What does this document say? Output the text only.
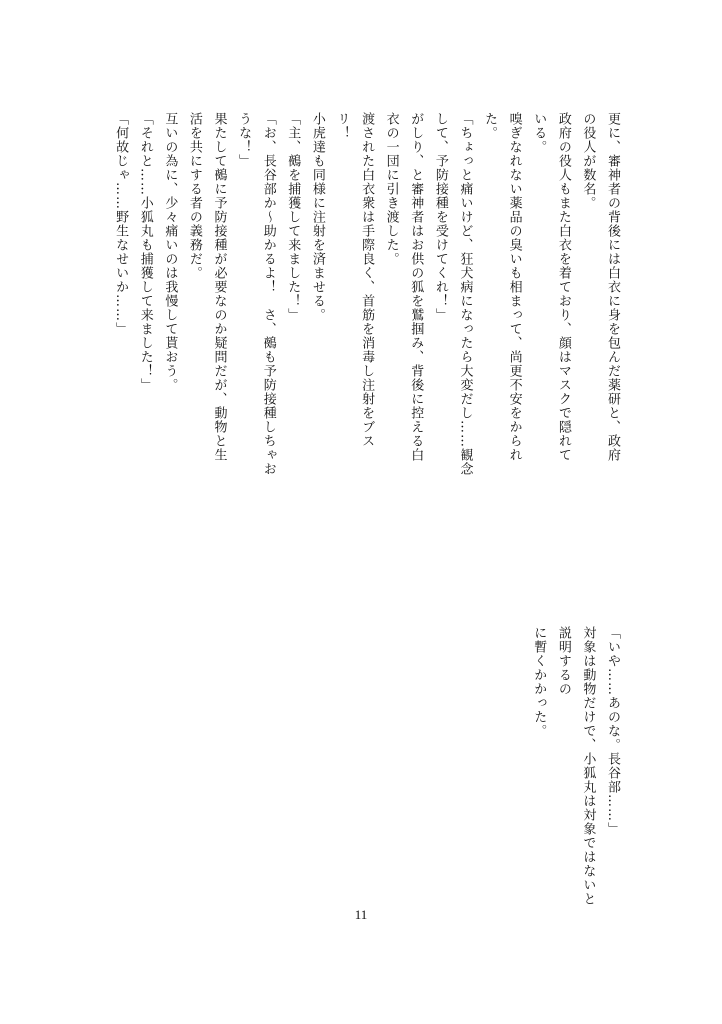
更に、審神者の背後には白衣に身を包んだ薬研と、政府
の役人が数名。
政府の役人もまた白衣を着ており、顔はマスクで隠れて
いる。
嗅ぎなれない薬品の臭いも相まって、尚更不安をかられ
た。
「ちょっと痛いけど、狂犬病になったら大変だし……観念
して、予防接種を受けてくれ！」
がしり、と審神者はお供の狐を鷲掴み、背後に控える白
衣の一団に引き渡した。
渡された白衣衆は手際良く、首筋を消毒し注射をブス
リ！
小虎達も同様に注射を済ませる。
「主、鵺を捕獲して来ました！」
「お、長谷部か～助かるよ！　さ、鵺も予防接種しちゃお
うな！」
果たして鵺に予防接種が必要なのか疑問だが、動物と生
活を共にする者の義務だ。
互いの為に、少々痛いのは我慢して貰おう。
「それと……小狐丸も捕獲して来ました！」
「何故じゃ……野生なせいか……」
「いや……あのな。長谷部……」
対象は動物だけで、小狐丸は対象ではないと説明するの
に暫くかかった。
11
